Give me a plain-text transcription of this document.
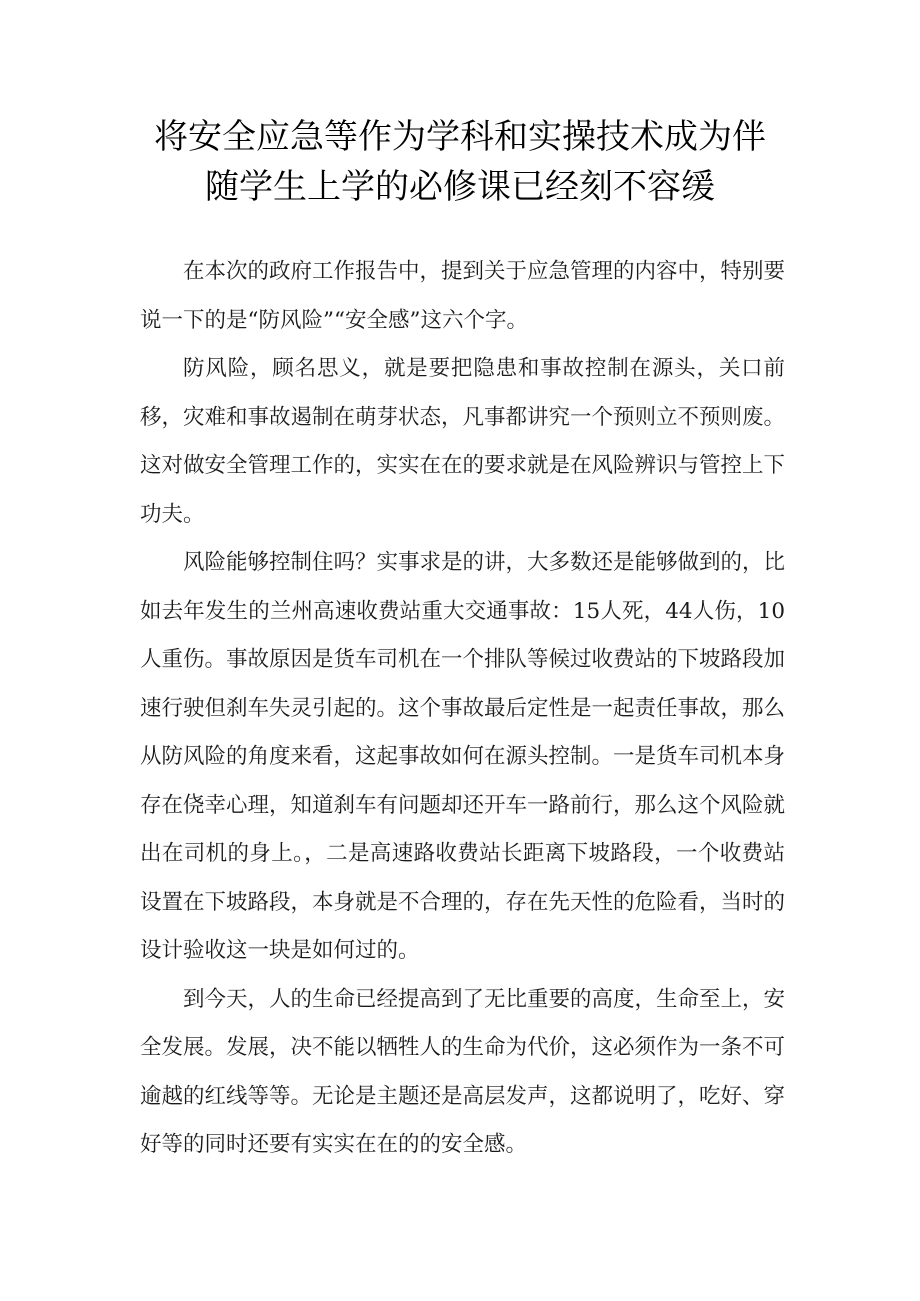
将安全应急等作为学科和实操技术成为伴
随学生上学的必修课已经刻不容缓

在本次的政府工作报告中，提到关于应急管理的内容中，特别要说一下的是“防风险”“安全感”这六个字。

防风险，顾名思义，就是要把隐患和事故控制在源头，关口前移，灾难和事故遏制在萌芽状态，凡事都讲究一个预则立不预则废。这对做安全管理工作的，实实在在的要求就是在风险辨识与管控上下功夫。

风险能够控制住吗？实事求是的讲，大多数还是能够做到的，比如去年发生的兰州高速收费站重大交通事故：15人死，44人伤，10人重伤。事故原因是货车司机在一个排队等候过收费站的下坡路段加速行驶但刹车失灵引起的。这个事故最后定性是一起责任事故，那么从防风险的角度来看，这起事故如何在源头控制。一是货车司机本身存在侥幸心理，知道刹车有问题却还开车一路前行，那么这个风险就出在司机的身上。，二是高速路收费站长距离下坡路段，一个收费站设置在下坡路段，本身就是不合理的，存在先天性的危险看，当时的设计验收这一块是如何过的。

到今天，人的生命已经提高到了无比重要的高度，生命至上，安全发展。发展，决不能以牺牲人的生命为代价，这必须作为一条不可逾越的红线等等。无论是主题还是高层发声，这都说明了，吃好、穿好等的同时还要有实实在在的的安全感。
